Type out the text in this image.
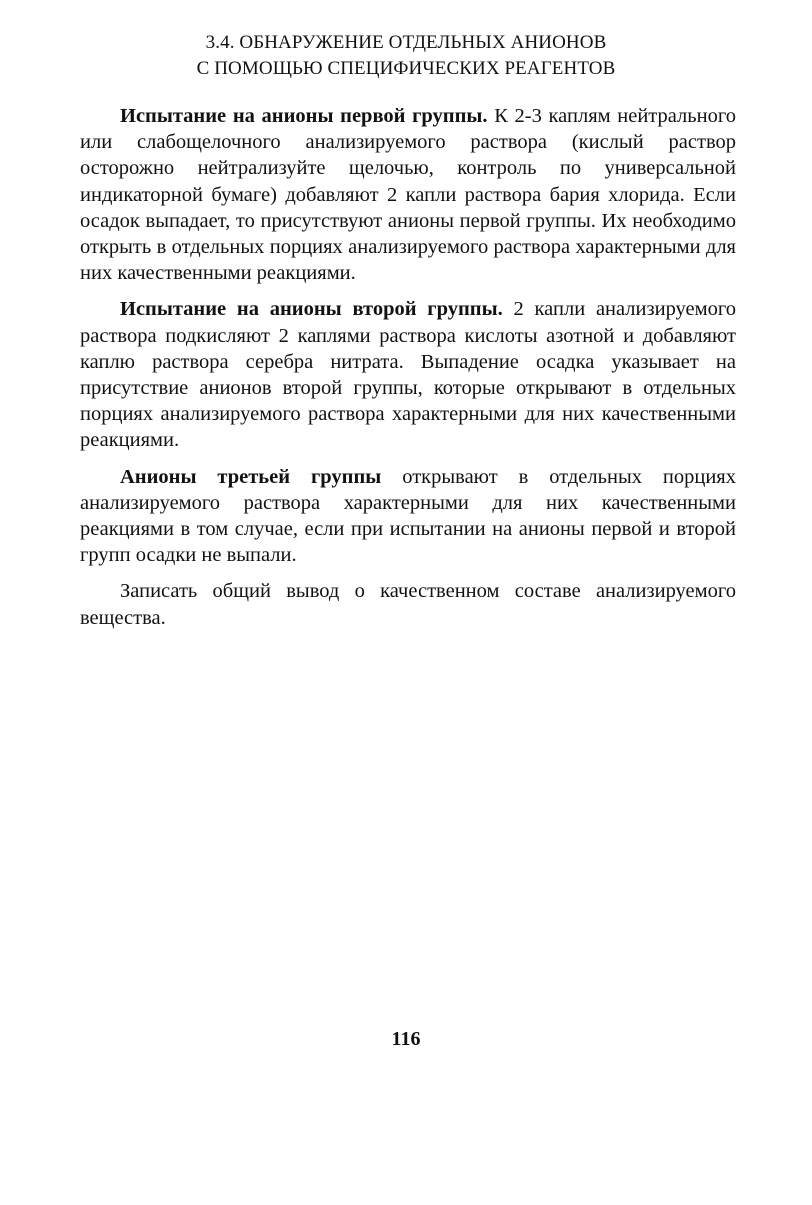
3.4. ОБНАРУЖЕНИЕ ОТДЕЛЬНЫХ АНИОНОВ
С ПОМОЩЬЮ СПЕЦИФИЧЕСКИХ РЕАГЕНТОВ

Испытание на анионы первой группы. К 2-3 каплям нейтрального или слабощелочного анализируемого раствора (кислый раствор осторожно нейтрализуйте щелочью, контроль по универсальной индикаторной бумаге) добавляют 2 капли раствора бария хлорида. Если осадок выпадает, то присутствуют анионы первой группы. Их необходимо открыть в отдельных порциях анализируемого раствора характерными для них качественными реакциями.

Испытание на анионы второй группы. 2 капли анализируемого раствора подкисляют 2 каплями раствора кислоты азотной и добавляют каплю раствора серебра нитрата. Выпадение осадка указывает на присутствие анионов второй группы, которые открывают в отдельных порциях анализируемого раствора характерными для них качественными реакциями.

Анионы третьей группы открывают в отдельных порциях анализируемого раствора характерными для них качественными реакциями в том случае, если при испытании на анионы первой и второй групп осадки не выпали.

Записать общий вывод о качественном составе анализируемого вещества.

116
